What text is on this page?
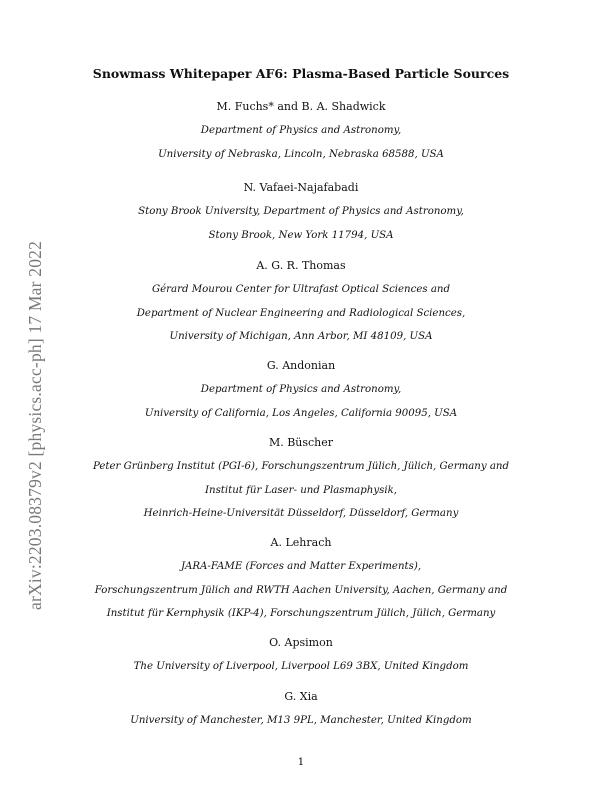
arXiv:2203.08379v2 [physics.acc-ph] 17 Mar 2022
Snowmass Whitepaper AF6: Plasma-Based Particle Sources
M. Fuchs* and B. A. Shadwick
Department of Physics and Astronomy,
University of Nebraska, Lincoln, Nebraska 68588, USA
N. Vafaei-Najafabadi
Stony Brook University, Department of Physics and Astronomy,
Stony Brook, New York 11794, USA
A. G. R. Thomas
Gérard Mourou Center for Ultrafast Optical Sciences and
Department of Nuclear Engineering and Radiological Sciences,
University of Michigan, Ann Arbor, MI 48109, USA
G. Andonian
Department of Physics and Astronomy,
University of California, Los Angeles, California 90095, USA
M. Büscher
Peter Grünberg Institut (PGI-6), Forschungszentrum Jülich, Jülich, Germany and
Institut für Laser- und Plasmaphysik,
Heinrich-Heine-Universität Düsseldorf, Düsseldorf, Germany
A. Lehrach
JARA-FAME (Forces and Matter Experiments),
Forschungszentrum Jülich and RWTH Aachen University, Aachen, Germany and
Institut für Kernphysik (IKP-4), Forschungszentrum Jülich, Jülich, Germany
O. Apsimon
The University of Liverpool, Liverpool L69 3BX, United Kingdom
G. Xia
University of Manchester, M13 9PL, Manchester, United Kingdom
1
